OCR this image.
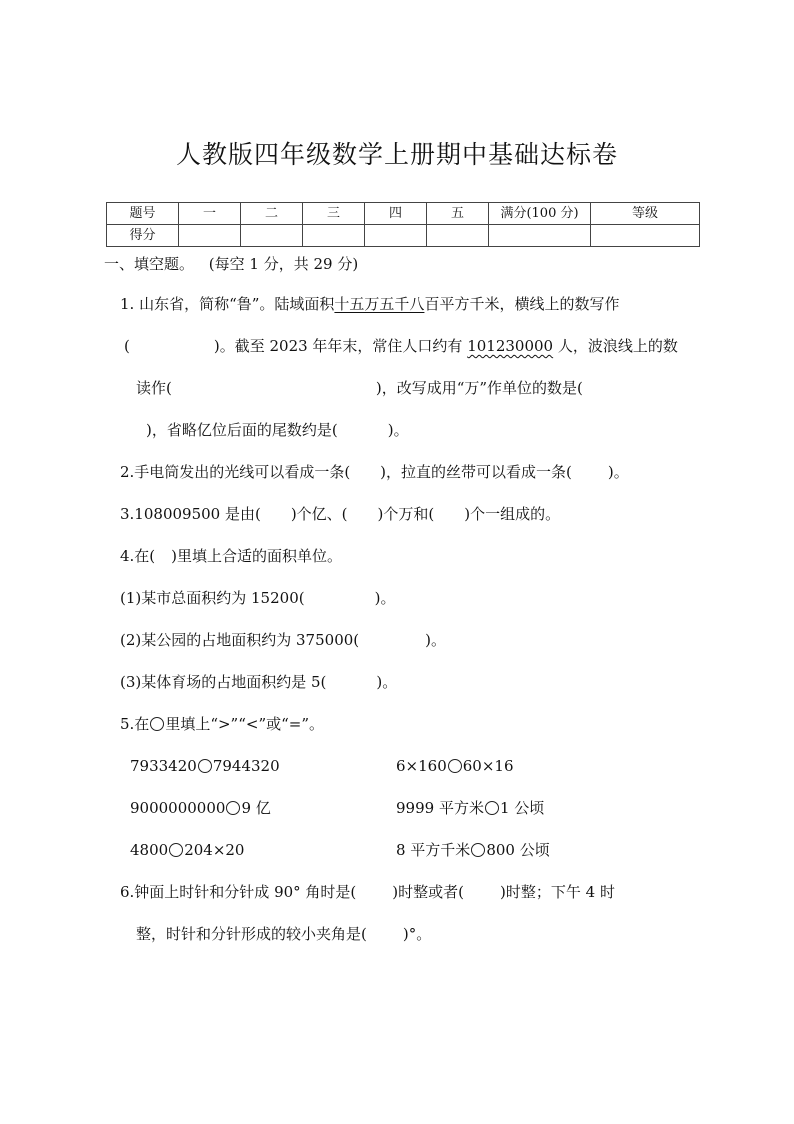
人教版四年级数学上册期中基础达标卷
题号	一	二	三	四	五	满分(100 分)	等级
得分							
一、填空题。 (每空 1 分，共 29 分)
1. 山东省，简称“鲁”。陆域面积十五万五千八百平方千米，横线上的数写作
(	)。截至 2023 年年末，常住人口约有 101230000 人，波浪线上的数
读作(	)，改写成用“万”作单位的数是(
)，省略亿位后面的尾数约是(	)。
2.手电筒发出的光线可以看成一条( )，拉直的丝带可以看成一条( )。
3.108009500 是由( )个亿、( )个万和( )个一组成的。
4.在( )里填上合适的面积单位。
(1)某市总面积约为 15200(	)。
(2)某公园的占地面积约为 375000(	)。
(3)某体育场的占地面积约是 5(	)。
5.在 里填上“>”“<”或“=”。
7933420 7944320	6×160 60×16
9000000000 9 亿	9999 平方米 1 公顷
4800 204×20	8 平方千米 800 公顷
6.钟面上时针和分针成 90° 角时是( )时整或者( )时整；下午 4 时
整，时针和分针形成的较小夹角是( )°。
